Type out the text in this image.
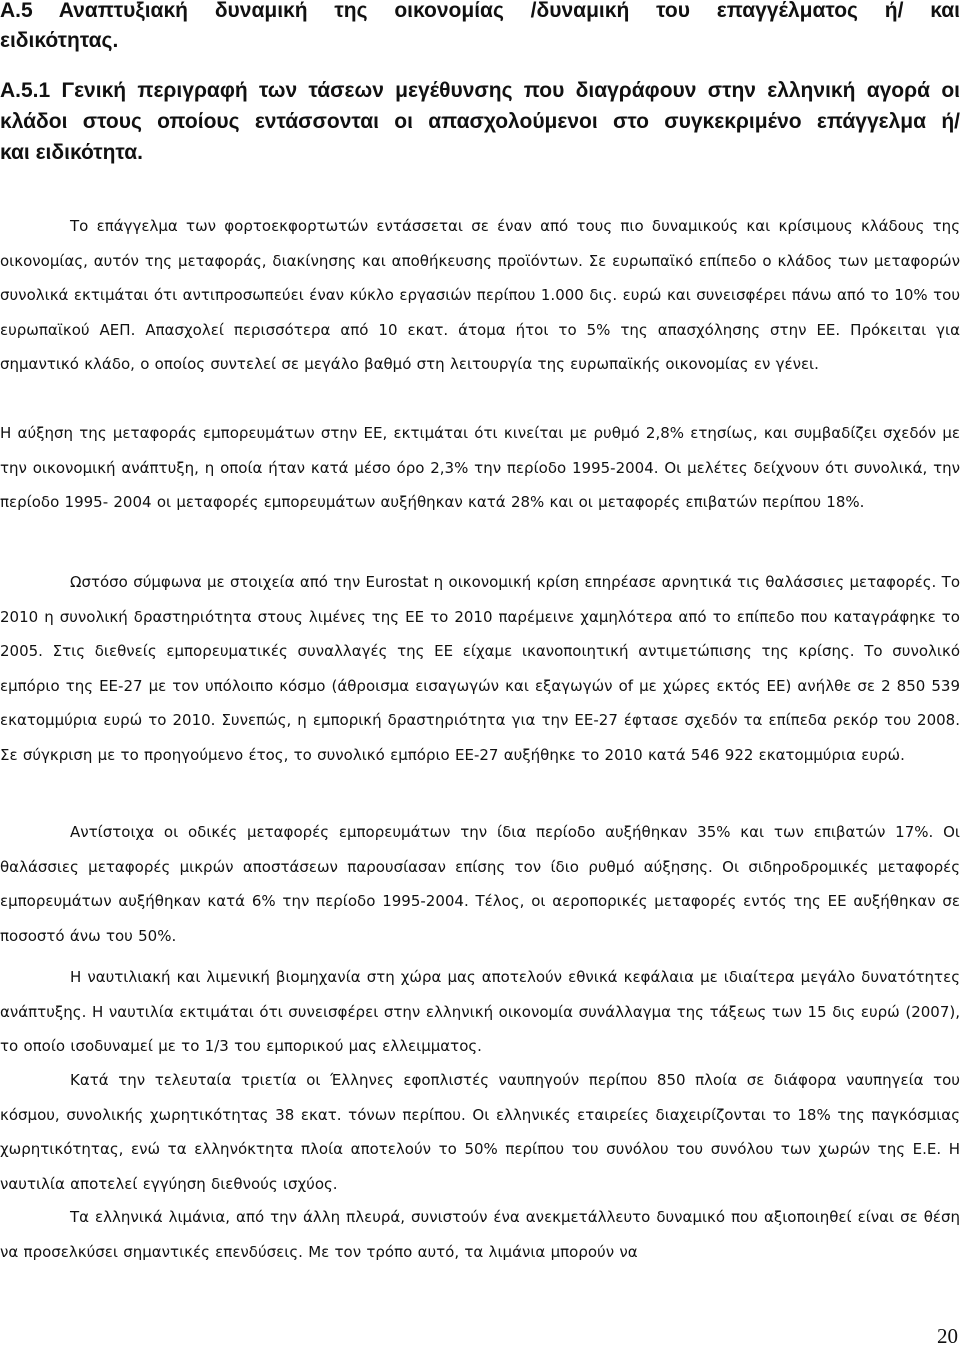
Α.5 Αναπτυξιακή δυναμική της οικονομίας /δυναμική του επαγγέλματος ή/ και
ειδικότητας.
Α.5.1 Γενική περιγραφή των τάσεων μεγέθυνσης που διαγράφουν στην ελληνική αγορά οι κλάδοι στους οποίους εντάσσονται οι απασχολούμενοι στο συγκεκριμένο επάγγελμα ή/
και ειδικότητα.

Το επάγγελμα των φορτοεκφορτωτών εντάσσεται σε έναν από τους πιο δυναμικούς και κρίσιμους κλάδους της οικονομίας, αυτόν της μεταφοράς, διακίνησης και αποθήκευσης προϊόντων. Σε ευρωπαϊκό επίπεδο ο κλάδος των μεταφορών συνολικά εκτιμάται ότι αντιπροσωπεύει έναν κύκλο εργασιών περίπου 1.000 δις. ευρώ και συνεισφέρει πάνω από το 10% του ευρωπαϊκού ΑΕΠ. Απασχολεί περισσότερα από 10 εκατ. άτομα ήτοι το 5% της απασχόλησης στην ΕΕ. Πρόκειται για σημαντικό κλάδο, ο οποίος συντελεί σε μεγάλο βαθμό στη λειτουργία της ευρωπαϊκής οικονομίας εν γένει.

Η αύξηση της μεταφοράς εμπορευμάτων στην ΕΕ, εκτιμάται ότι κινείται με ρυθμό 2,8% ετησίως, και συμβαδίζει σχεδόν με την οικονομική ανάπτυξη, η οποία ήταν κατά μέσο όρο 2,3% την περίοδο 1995-2004. Οι μελέτες δείχνουν ότι συνολικά, την περίοδο 1995- 2004 οι μεταφορές εμπορευμάτων αυξήθηκαν κατά 28% και οι μεταφορές επιβατών περίπου 18%.

Ωστόσο σύμφωνα με στοιχεία από την Eurostat η οικονομική κρίση επηρέασε αρνητικά τις θαλάσσιες μεταφορές. Το 2010 η συνολική δραστηριότητα στους λιμένες της ΕΕ το 2010 παρέμεινε χαμηλότερα από το επίπεδο που καταγράφηκε το 2005. Στις διεθνείς εμπορευματικές συναλλαγές της ΕΕ είχαμε ικανοποιητική αντιμετώπισης της κρίσης. Το συνολικό εμπόριο της ΕΕ-27 με τον υπόλοιπο κόσμο (άθροισμα εισαγωγών και εξαγωγών of με χώρες εκτός ΕΕ) ανήλθε σε 2 850 539 εκατομμύρια ευρώ το 2010. Συνεπώς, η εμπορική δραστηριότητα για την ΕΕ-27 έφτασε σχεδόν τα επίπεδα ρεκόρ του 2008. Σε σύγκριση με το προηγούμενο έτος, το συνολικό εμπόριο ΕΕ-27 αυξήθηκε το 2010 κατά 546 922 εκατομμύρια ευρώ.

Αντίστοιχα οι οδικές μεταφορές εμπορευμάτων την ίδια περίοδο αυξήθηκαν 35% και των επιβατών 17%. Οι θαλάσσιες μεταφορές μικρών αποστάσεων παρουσίασαν επίσης τον ίδιο ρυθμό αύξησης. Οι σιδηροδρομικές μεταφορές εμπορευμάτων αυξήθηκαν κατά 6% την περίοδο 1995-2004. Τέλος, οι αεροπορικές μεταφορές εντός της ΕΕ αυξήθηκαν σε ποσοστό άνω του 50%.

Η ναυτιλιακή και λιμενική βιομηχανία στη χώρα μας αποτελούν εθνικά κεφάλαια με ιδιαίτερα μεγάλο δυνατότητες ανάπτυξης. Η ναυτιλία εκτιμάται ότι συνεισφέρει στην ελληνική οικονομία συνάλλαγμα της τάξεως των 15 δις ευρώ (2007), το οποίο ισοδυναμεί με το 1/3 του εμπορικού μας ελλειμματος.

Κατά την τελευταία τριετία οι Έλληνες εφοπλιστές ναυπηγούν περίπου 850 πλοία σε διάφορα ναυπηγεία του κόσμου, συνολικής χωρητικότητας 38 εκατ. τόνων περίπου. Οι ελληνικές εταιρείες διαχειρίζονται το 18% της παγκόσμιας χωρητικότητας, ενώ τα ελληνόκτητα πλοία αποτελούν το 50% περίπου του συνόλου του συνόλου των χωρών της Ε.Ε. Η ναυτιλία αποτελεί εγγύηση διεθνούς ισχύος.

Τα ελληνικά λιμάνια, από την άλλη πλευρά, συνιστούν ένα ανεκμετάλλευτο δυναμικό που αξιοποιηθεί είναι σε θέση να προσελκύσει σημαντικές επενδύσεις. Με τον τρόπο αυτό, τα λιμάνια μπορούν να

20
